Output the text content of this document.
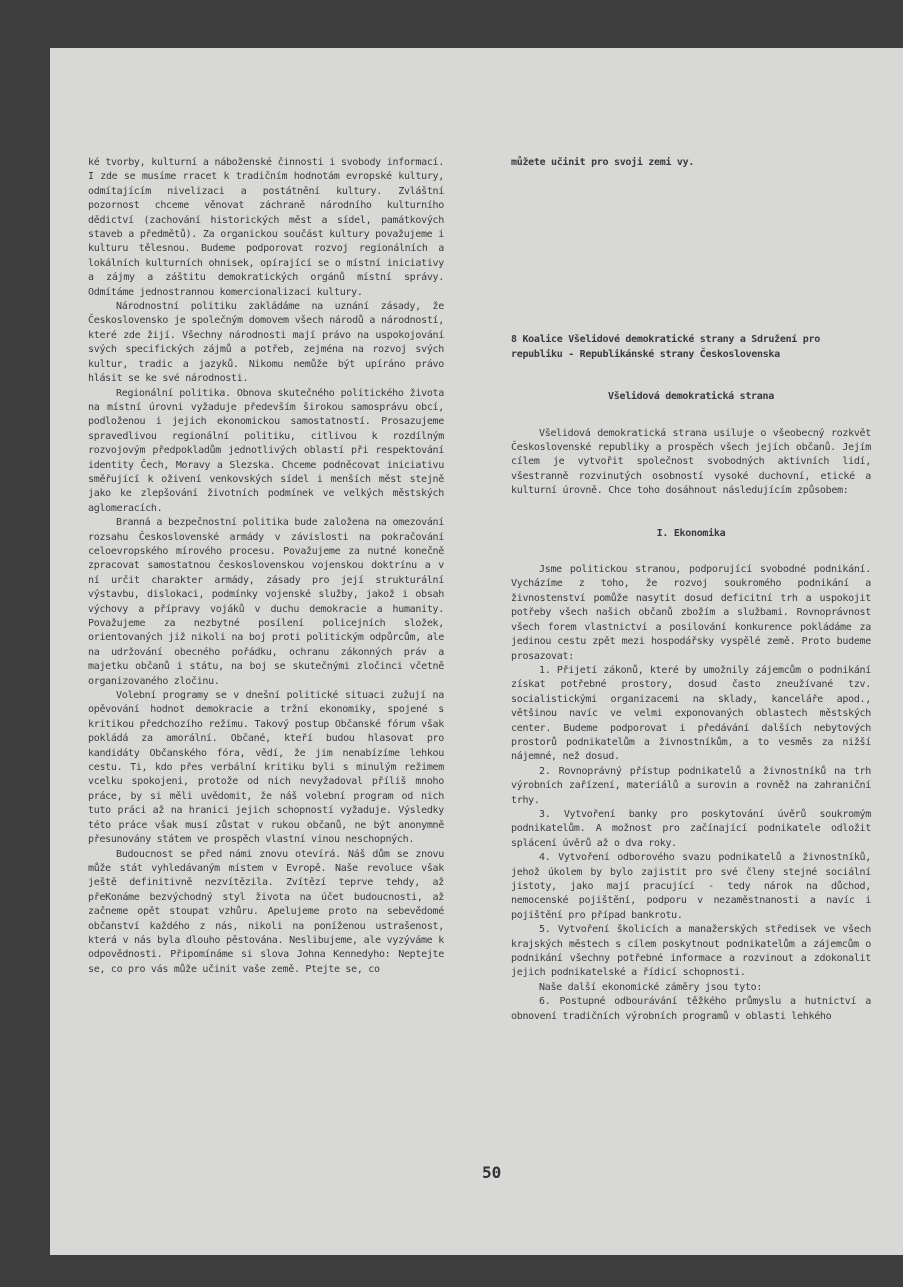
ké tvorby, kulturní a náboženské činnosti i svobody informací. I zde se musíme rracet k tradičním hodnotám evropské kultury, odmítajícím nivelizaci a postátnění kultury. Zvláštní pozornost chceme věnovat záchraně národního kulturního dědictví (zachování historických měst a sídel, památkových staveb a předmětů). Za organickou součást kultury považujeme i kulturu tělesnou. Budeme podporovat rozvoj regionálních a lokálních kulturních ohnisek, opírající se o místní iniciativy a zájmy a záštitu demokratických orgánů místní správy. Odmítáme jednostrannou komercionalizaci kultury.

Národnostní politiku zakládáme na uznání zásady, že Československo je společným domovem všech národů a národností, které zde žijí. Všechny národnosti mají právo na uspokojování svých specifických zájmů a potřeb, zejména na rozvoj svých kultur, tradic a jazyků. Nikomu nemůže být upíráno právo hlásit se ke své národnosti.

Regionální politika. Obnova skutečného politického života na místní úrovni vyžaduje především širokou samosprávu obcí, podloženou i jejich ekonomickou samostatností. Prosazujeme spravedlivou regionální politiku, citlivou k rozdílným rozvojovým předpokladům jednotlivých oblastí při respektování identity Čech, Moravy a Slezska. Chceme podněcovat iniciativu směřující k oživení venkovských sídel i menších měst stejně jako ke zlepšování životních podmínek ve velkých městských aglomeracích.

Branná a bezpečnostní politika bude založena na omezování rozsahu Československé armády v závislosti na pokračování celoevropského mírového procesu. Považujeme za nutné konečně zpracovat samostatnou československou vojenskou doktrínu a v ní určit charakter armády, zásady pro její strukturální výstavbu, dislokaci, podmínky vojenské služby, jakož i obsah výchovy a přípravy vojáků v duchu demokracie a humanity. Považujeme za nezbytné posílení policejních složek, orientovaných již nikoli na boj proti politickým odpůrcům, ale na udržování obecného pořádku, ochranu zákonných práv a majetku občanů i státu, na boj se skutečnými zločinci včetně organizovaného zločinu.

Volební programy se v dnešní politické situaci zužují na opěvování hodnot demokracie a tržní ekonomiky, spojené s kritikou předchozího režimu. Takový postup Občanské fórum však pokládá za amorální. Občané, kteří budou hlasovat pro kandidáty Občanského fóra, vědí, že jim nenabízíme lehkou cestu. Ti, kdo přes verbální kritiku byli s minulým režimem vcelku spokojeni, protože od nich nevyžadoval příliš mnoho práce, by si měli uvědomit, že náš volební program od nich tuto práci až na hranici jejich schopností vyžaduje. Výsledky této práce však musí zůstat v rukou občanů, ne být anonymně přesunovány státem ve prospěch vlastní vinou neschopných.

Budoucnost se před námi znovu otevírá. Náš dům se znovu může stát vyhledávaným místem v Evropě. Naše revoluce však ještě definitivně nezvítězila. Zvítězí teprve tehdy, až přeKonáme bezvýchodný styl života na účet budoucnosti, až začneme opět stoupat vzhůru. Apelujeme proto na sebevědomé občanství každého z nás, nikoli na poníženou ustrašenost, která v nás byla dlouho pěstována. Neslibujeme, ale vyzýváme k odpovědnosti. Připomínáme si slova Johna Kennedyho: Neptejte se, co pro vás může učinit vaše země. Ptejte se, co

můžete učinit pro svoji zemi vy.

8 Koalice Všelidové demokratické strany a Sdružení pro republiku - Republikánské strany Československa

Všelidová demokratická strana

Všelidová demokratická strana usiluje o všeobecný rozkvět Československé republiky a prospěch všech jejích občanů. Jejím cílem je vytvořit společnost svobodných aktivních lidí, všestranně rozvinutých osobností vysoké duchovní, etické a kulturní úrovně. Chce toho dosáhnout následujícím způsobem:

I. Ekonomika

Jsme politickou stranou, podporující svobodné podnikání. Vycházíme z toho, že rozvoj soukromého podnikání a živnostenství pomůže nasytit dosud deficitní trh a uspokojit potřeby všech našich občanů zbožím a službami. Rovnoprávnost všech forem vlastnictví a posilování konkurence pokládáme za jedinou cestu zpět mezi hospodářsky vyspělé země. Proto budeme prosazovat:

1. Přijetí zákonů, které by umožnily zájemcům o podnikání získat potřebné prostory, dosud často zneužívané tzv. socialistickými organizacemi na sklady, kanceláře apod., většinou navíc ve velmi exponovaných oblastech městských center. Budeme podporovat i předávání dalších nebytových prostorů podnikatelům a živnostníkům, a to vesměs za nižší nájemné, než dosud.

2. Rovnoprávný přístup podnikatelů a živnostníků na trh výrobních zařízení, materiálů a surovin a rovněž na zahraniční trhy.

3. Vytvoření banky pro poskytování úvěrů soukromým podnikatelům. A možnost pro začínající podnikatele odložit splácení úvěrů až o dva roky.

4. Vytvoření odborového svazu podnikatelů a živnostníků, jehož úkolem by bylo zajistit pro své členy stejné sociální jistoty, jako mají pracující - tedy nárok na důchod, nemocenské pojištění, podporu v nezaměstnanosti a navíc i pojištění pro případ bankrotu.

5. Vytvoření školicích a manažerských středisek ve všech krajských městech s cílem poskytnout podnikatelům a zájemcům o podnikání všechny potřebné informace a rozvinout a zdokonalit jejich podnikatelské a řídicí schopnosti.

Naše další ekonomické záměry jsou tyto:

6. Postupné odbourávání těžkého průmyslu a hutnictví a obnovení tradičních výrobních programů v oblasti lehkého

50
